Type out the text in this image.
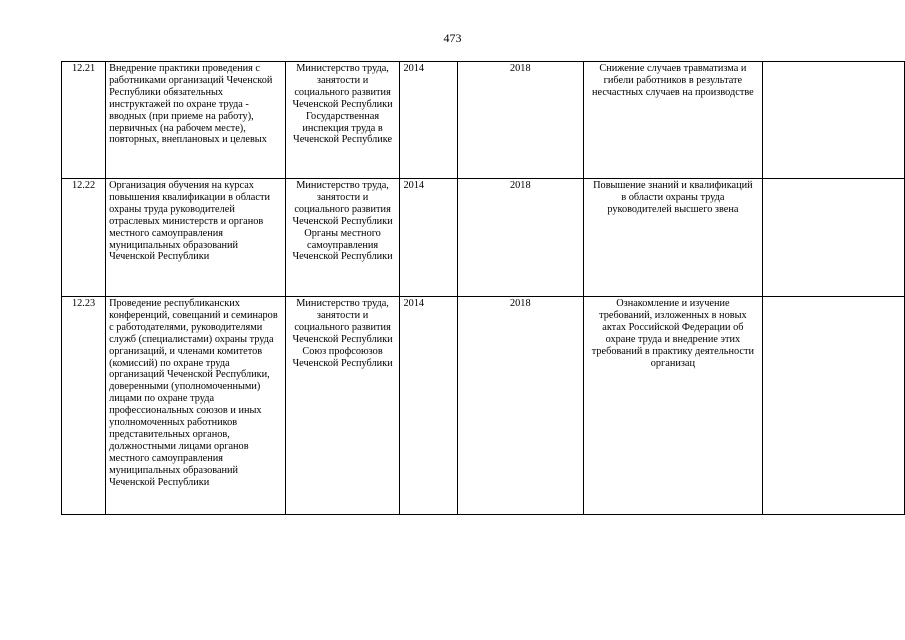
473
12.21	Внедрение практики проведения с работниками организаций Чеченской Республики обязательных инструктажей по охране труда - вводных (при приеме на работу), первичных (на рабочем месте), повторных, внеплановых и целевых	Министерство труда, занятости и социального развития Чеченской Республики Государственная инспекция труда в Чеченской Республике	2014	2018	Снижение случаев травматизма и гибели работников в результате несчастных случаев на производстве	

12.22	Организация обучения на курсах повышения квалификации в области охраны труда руководителей отраслевых министерств и органов местного самоуправления муниципальных образований Чеченской Республики	Министерство труда, занятости и социального развития Чеченской Республики Органы местного самоуправления Чеченской Республики	2014	2018	Повышение знаний и квалификаций в области охраны труда руководителей высшего звена	

12.23	Проведение республиканских конференций, совещаний и семинаров с работодателями, руководителями служб (специалистами) охраны труда организаций, и членами комитетов (комиссий) по охране труда организаций Чеченской Республики, доверенными (уполномоченными) лицами по охране труда профессиональных союзов и иных уполномоченных работников представительных органов, должностными лицами органов местного самоуправления муниципальных образований Чеченской Республики	Министерство труда, занятости и социального развития Чеченской Республики Союз профсоюзов Чеченской Республики	2014	2018	Ознакомление и изучение требований, изложенных в новых актах Российской Федерации об охране труда и внедрение этих требований в практику деятельности организац	
